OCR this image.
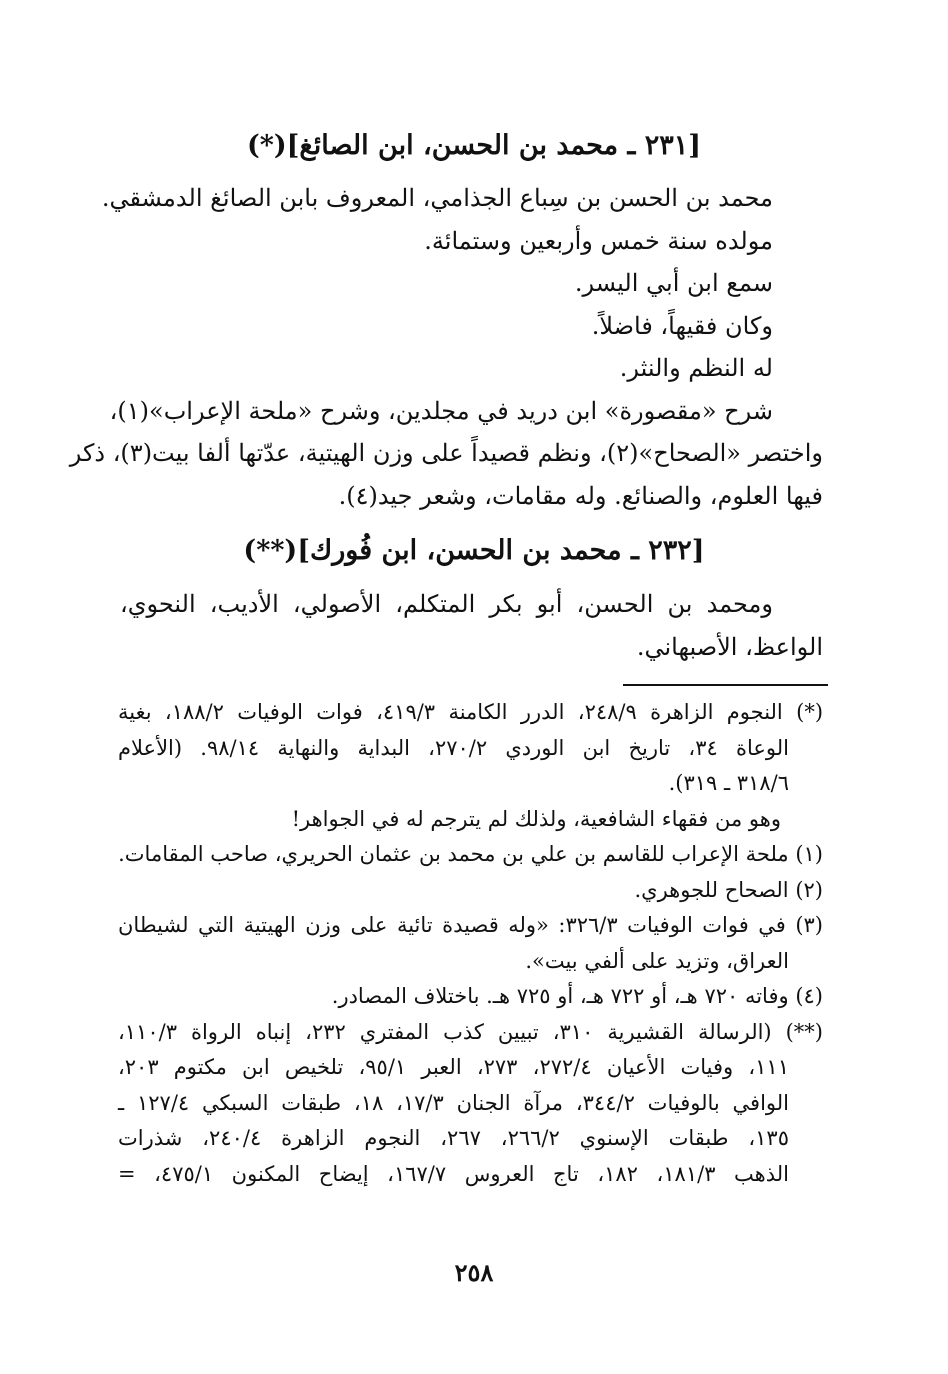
[٢٣١ ـ محمد بن الحسن، ابن الصائغ](*)

محمد بن الحسن بن سِباع الجذامي، المعروف بابن الصائغ الدمشقي.

مولده سنة خمس وأربعين وستمائة.

سمع ابن أبي اليسر.

وكان فقيهاً، فاضلاً.

له النظم والنثر.

شرح «مقصورة» ابن دريد في مجلدين، وشرح «ملحة الإعراب»(١)،

واختصر «الصحاح»(٢)، ونظم قصيداً على وزن الهيتية، عدّتها ألفا بيت(٣)، ذكر

فيها العلوم، والصنائع. وله مقامات، وشعر جيد(٤).

[٢٣٢ ـ محمد بن الحسن، ابن فُورك](**)

ومحمد بن الحسن، أبو بكر المتكلم، الأصولي، الأديب، النحوي،

الواعظ، الأصبهاني.

(*) النجوم الزاهرة ٢٤٨/٩، الدرر الكامنة ٤١٩/٣، فوات الوفيات ١٨٨/٢، بغية

الوعاة ٣٤، تاريخ ابن الوردي ٢٧٠/٢، البداية والنهاية ٩٨/١٤. (الأعلام

٣١٨/٦ ـ ٣١٩).

وهو من فقهاء الشافعية، ولذلك لم يترجم له في الجواهر!

(١) ملحة الإعراب للقاسم بن علي بن محمد بن عثمان الحريري، صاحب المقامات.

(٢) الصحاح للجوهري.

(٣) في فوات الوفيات ٣٢٦/٣: «وله قصيدة تائية على وزن الهيتية التي لشيطان

العراق، وتزيد على ألفي بيت».

(٤) وفاته ٧٢٠ هـ، أو ٧٢٢ هـ، أو ٧٢٥ هـ. باختلاف المصادر.

(**) (الرسالة القشيرية ٣١٠، تبيين كذب المفتري ٢٣٢، إنباه الرواة ١١٠/٣،

١١١، وفيات الأعيان ٢٧٢/٤، ٢٧٣، العبر ٩٥/١، تلخيص ابن مكتوم ٢٠٣،

الوافي بالوفيات ٣٤٤/٢، مرآة الجنان ١٧/٣، ١٨، طبقات السبكي ١٢٧/٤ ـ

١٣٥، طبقات الإسنوي ٢٦٦/٢، ٢٦٧، النجوم الزاهرة ٢٤٠/٤، شذرات

الذهب ١٨١/٣، ١٨٢، تاج العروس ١٦٧/٧، إيضاح المكنون ٤٧٥/١، =

٢٥٨
